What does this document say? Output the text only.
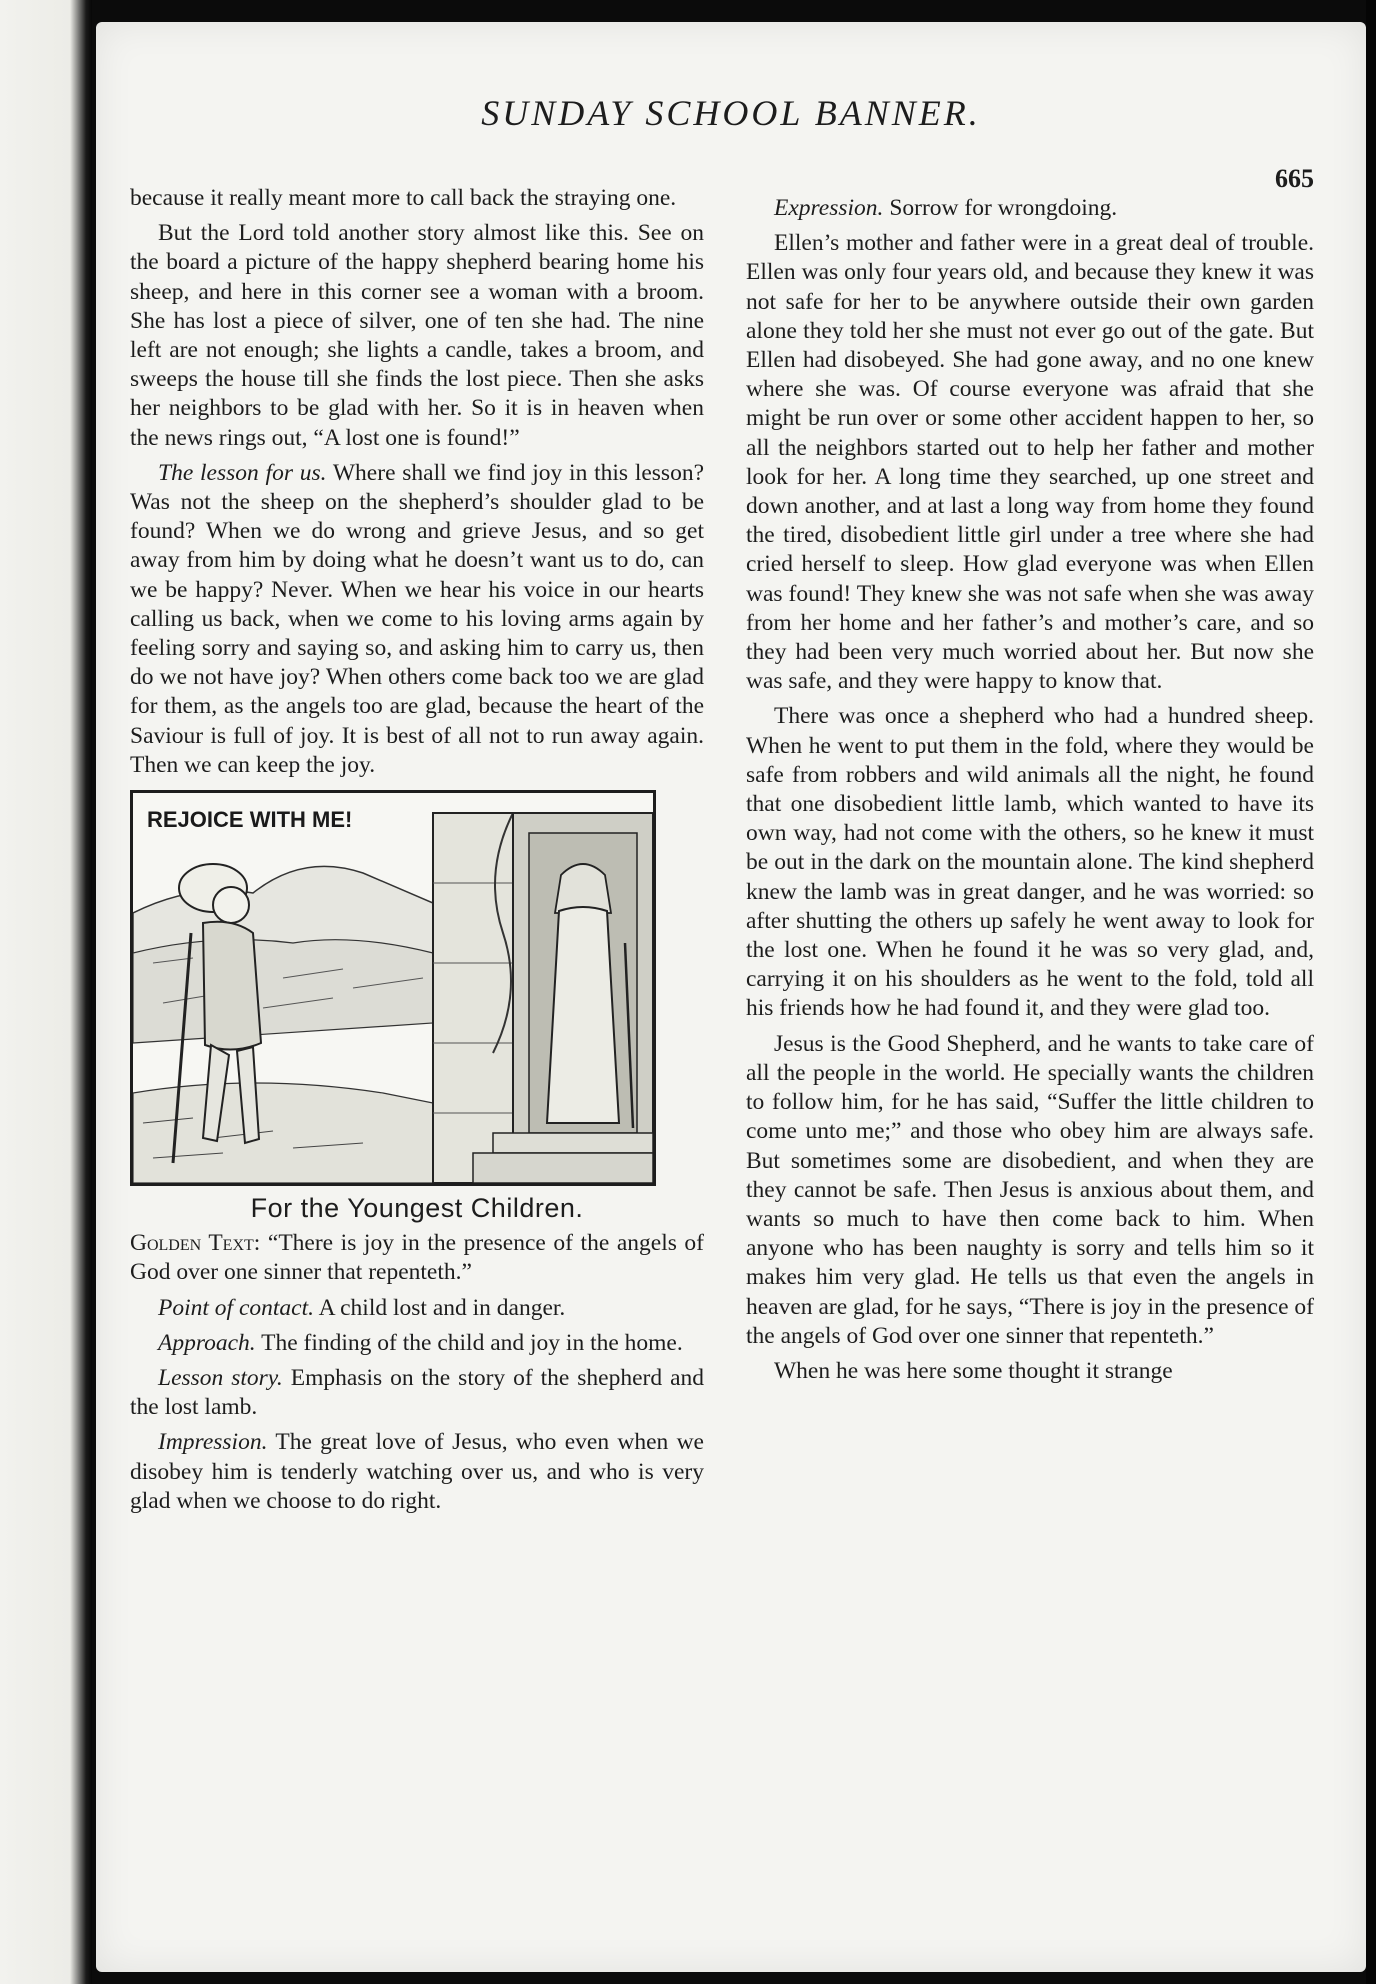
SUNDAY SCHOOL BANNER.
665

because it really meant more to call back the straying one.

But the Lord told another story almost like this. See on the board a picture of the happy shepherd bearing home his sheep, and here in this corner see a woman with a broom. She has lost a piece of silver, one of ten she had. The nine left are not enough; she lights a candle, takes a broom, and sweeps the house till she finds the lost piece. Then she asks her neighbors to be glad with her. So it is in heaven when the news rings out, “A lost one is found!”

The lesson for us. Where shall we find joy in this lesson? Was not the sheep on the shepherd’s shoulder glad to be found? When we do wrong and grieve Jesus, and so get away from him by doing what he doesn’t want us to do, can we be happy? Never. When we hear his voice in our hearts calling us back, when we come to his loving arms again by feeling sorry and saying so, and asking him to carry us, then do we not have joy? When others come back too we are glad for them, as the angels too are glad, because the heart of the Saviour is full of joy. It is best of all not to run away again. Then we can keep the joy.

REJOICE WITH ME!
For the Youngest Children.

Golden Text: “There is joy in the presence of the angels of God over one sinner that repenteth.”

Point of contact. A child lost and in danger.

Approach. The finding of the child and joy in the home.

Lesson story. Emphasis on the story of the shepherd and the lost lamb.

Impression. The great love of Jesus, who even when we disobey him is tenderly watching over us, and who is very glad when we choose to do right.

Expression. Sorrow for wrongdoing.

Ellen’s mother and father were in a great deal of trouble. Ellen was only four years old, and because they knew it was not safe for her to be anywhere outside their own garden alone they told her she must not ever go out of the gate. But Ellen had disobeyed. She had gone away, and no one knew where she was. Of course everyone was afraid that she might be run over or some other accident happen to her, so all the neighbors started out to help her father and mother look for her. A long time they searched, up one street and down another, and at last a long way from home they found the tired, disobedient little girl under a tree where she had cried herself to sleep. How glad everyone was when Ellen was found! They knew she was not safe when she was away from her home and her father’s and mother’s care, and so they had been very much worried about her. But now she was safe, and they were happy to know that.

There was once a shepherd who had a hundred sheep. When he went to put them in the fold, where they would be safe from robbers and wild animals all the night, he found that one disobedient little lamb, which wanted to have its own way, had not come with the others, so he knew it must be out in the dark on the mountain alone. The kind shepherd knew the lamb was in great danger, and he was worried: so after shutting the others up safely he went away to look for the lost one. When he found it he was so very glad, and, carrying it on his shoulders as he went to the fold, told all his friends how he had found it, and they were glad too.

Jesus is the Good Shepherd, and he wants to take care of all the people in the world. He specially wants the children to follow him, for he has said, “Suffer the little children to come unto me;” and those who obey him are always safe. But sometimes some are disobedient, and when they are they cannot be safe. Then Jesus is anxious about them, and wants so much to have then come back to him. When anyone who has been naughty is sorry and tells him so it makes him very glad. He tells us that even the angels in heaven are glad, for he says, “There is joy in the presence of the angels of God over one sinner that repenteth.”

When he was here some thought it strange
